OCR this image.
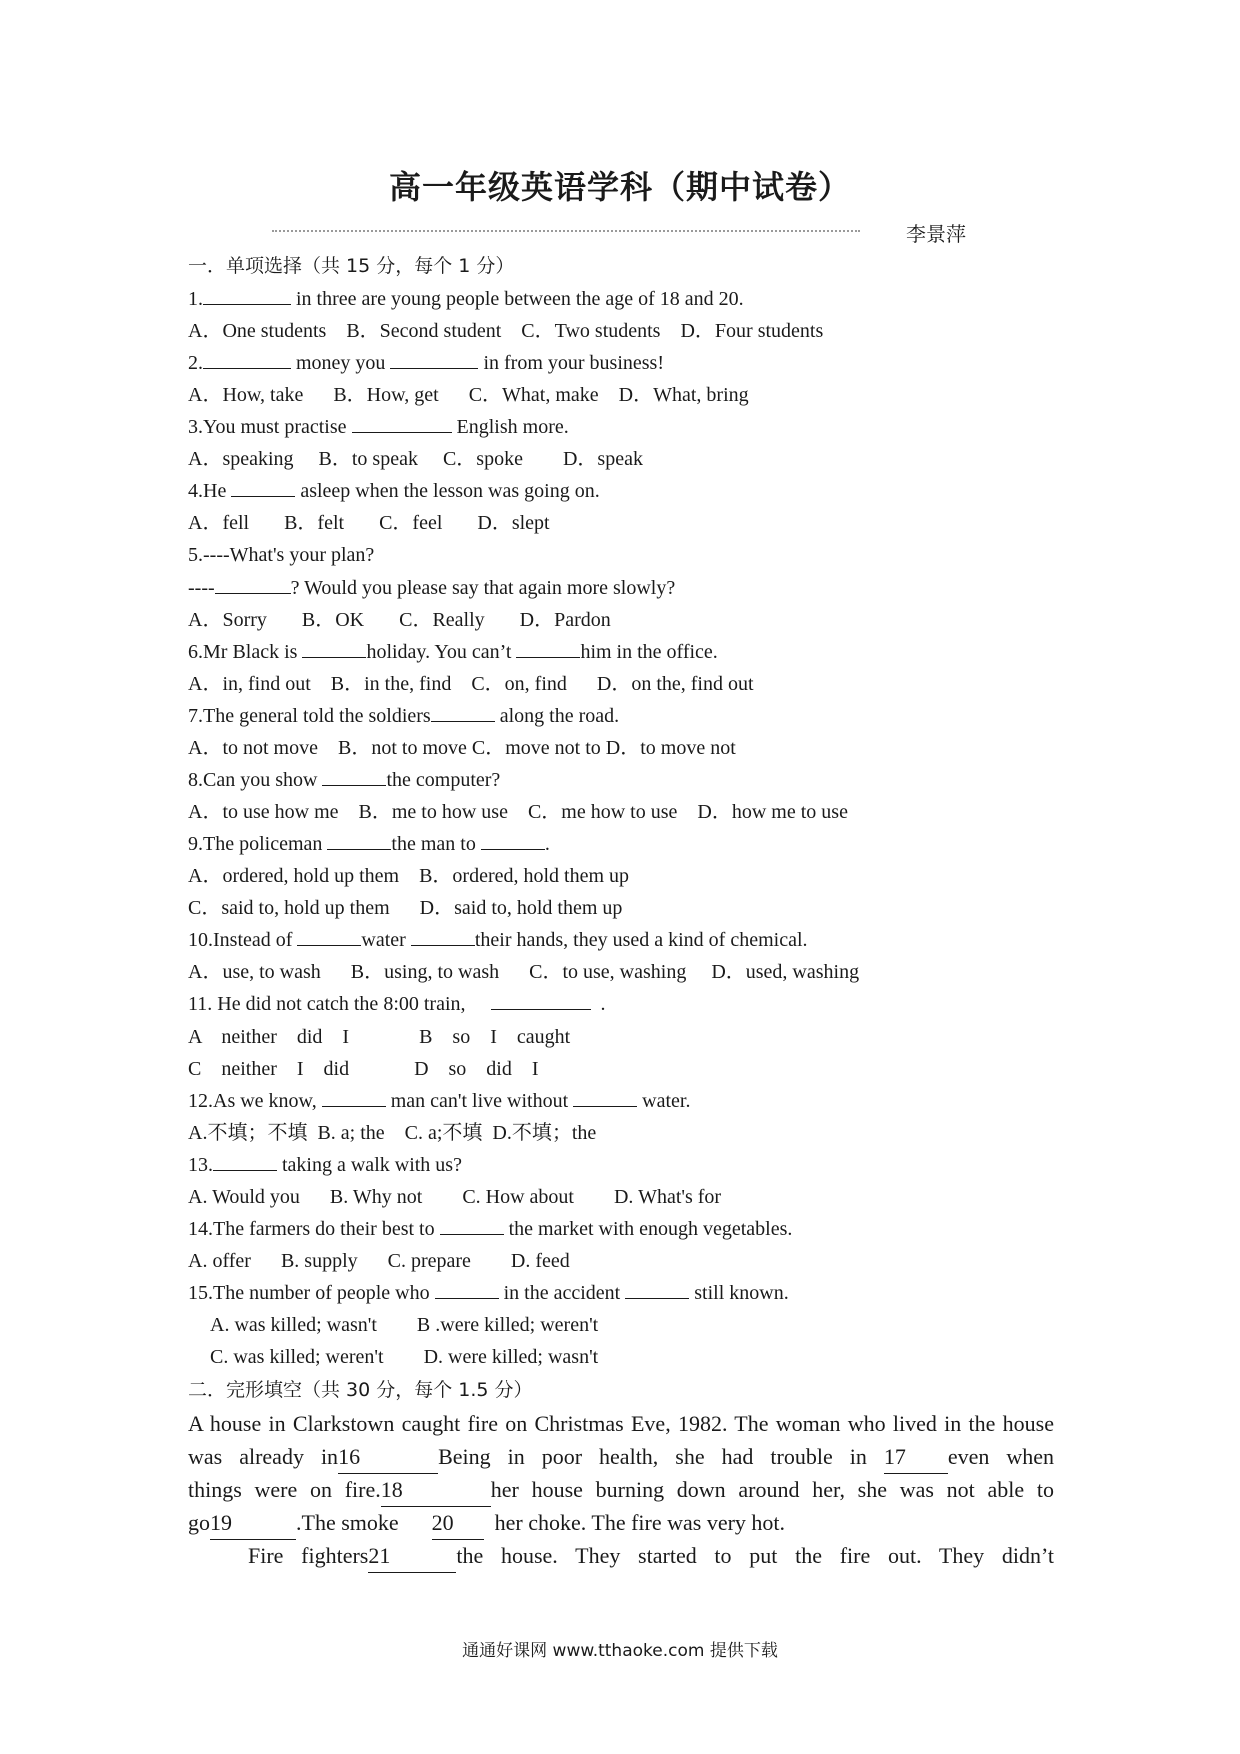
高一年级英语学科（期中试卷）
李景萍
一．单项选择（共 15 分，每个 1 分）
1.	in three are young people between the age of 18 and 20.
A．One students    B．Second student    C．Two students    D．Four students
2.	money you	in from your business!
A．How, take      B．How, get      C．What, make    D．What, bring
3.You must practise	English more.
A．speaking     B．to speak     C．spoke        D．speak
4.He	asleep when the lesson was going on.
A．fell       B．felt       C．feel       D．slept
5.----What's your plan?
----	? Would you please say that again more slowly?
A．Sorry       B．OK       C．Really       D．Pardon
6.Mr Black is	holiday. You can’t	him in the office.
A．in, find out    B．in the, find    C．on, find      D．on the, find out
7.The general told the soldiers	along the road.
A．to not move    B．not to move C．move not to D．to move not
8.Can you show	the computer?
A．to use how me    B．me to how use    C．me how to use    D．how me to use
9.The policeman	the man to	.
A．ordered, hold up them    B．ordered, hold them up
C．said to, hold up them      D．said to, hold them up
10.Instead of	water	their hands, they used a kind of chemical.
A．use, to wash      B．using, to wash      C．to use, washing     D．used, washing
11. He did not catch the 8:00 train,	.
A    neither    did    I              B    so    I    caught
C    neither    I    did             D    so    did    I
12.As we know,	man can't live without	water.
A.不填；不填  B. a; the    C. a;不填  D.不填；the
13.	taking a walk with us?
A. Would you      B. Why not        C. How about        D. What's for
14.The farmers do their best to	the market with enough vegetables.
A. offer      B. supply      C. prepare        D. feed
15.The number of people who	in the accident	still known.
A. was killed; wasn't        B .were killed; weren't
C. was killed; weren't        D. were killed; wasn't
二．完形填空（共 30 分，每个 1.5 分）
A house in Clarkstown caught fire on Christmas Eve, 1982. The woman who lived in the house
was already in16	Being in poor health, she had trouble in 17 even when
things were on fire.18	her house burning down around her, she was not able to
go19	.The smoke      20  her choke. The fire was very hot.
Fire fighters21	the house. They started to put the fire out. They didn’t
通通好课网 www.tthaoke.com 提供下载
